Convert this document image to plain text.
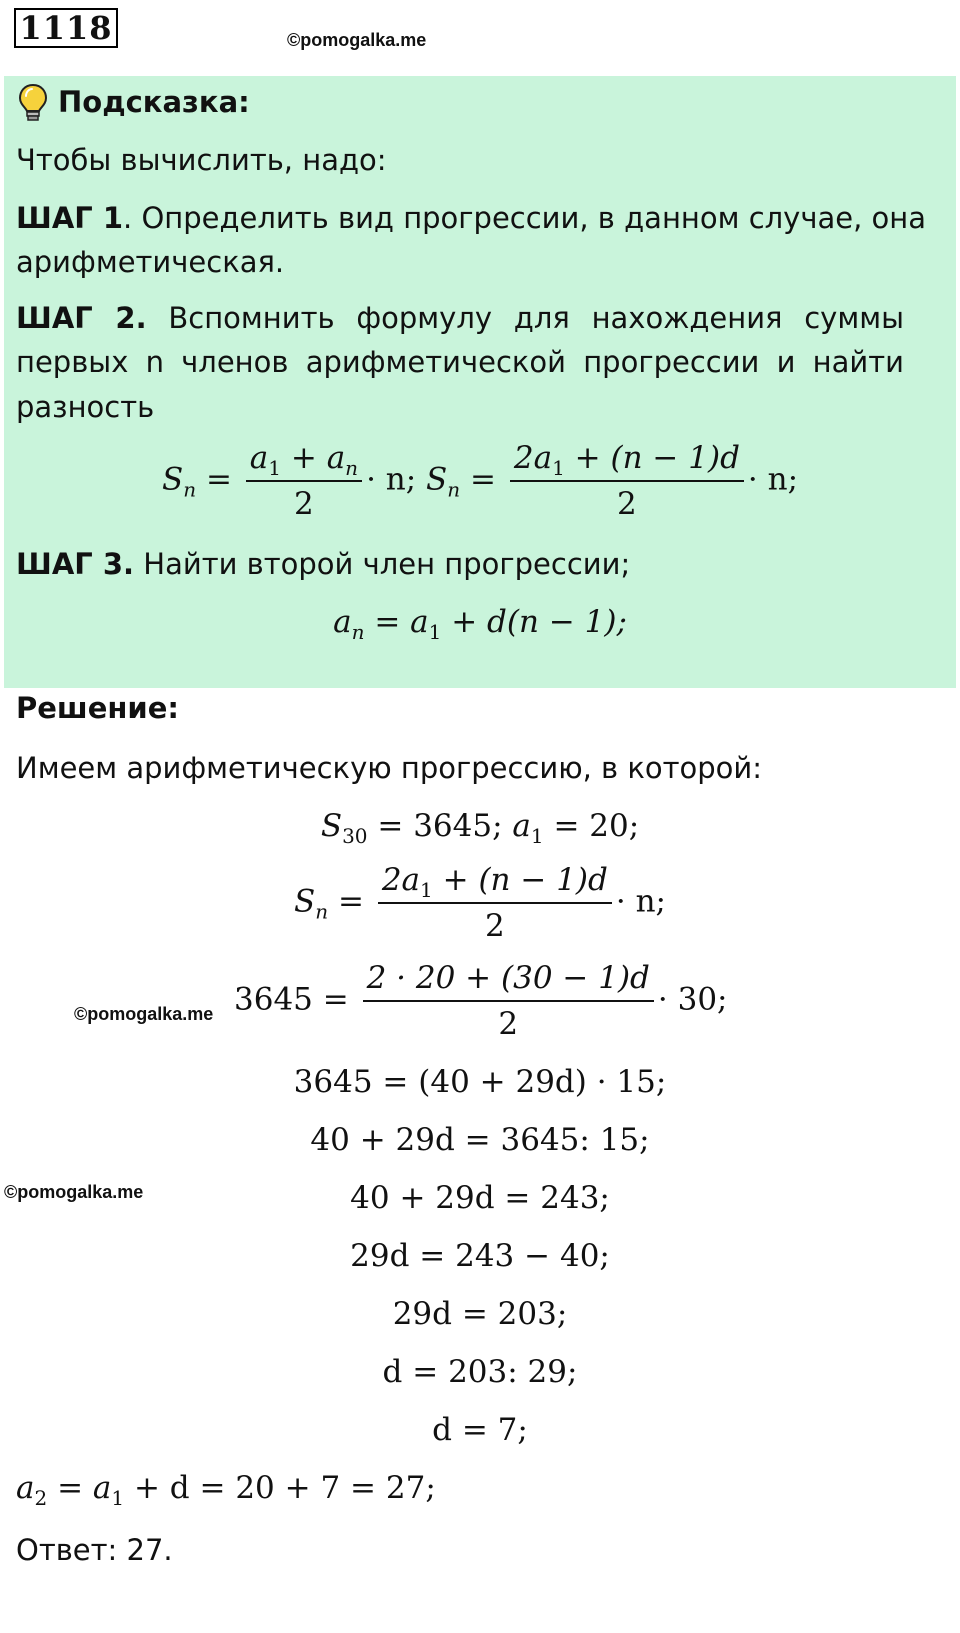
1118	©pomogalka.me
Подсказка:
Чтобы вычислить, надо:
ШАГ 1. Определить вид прогрессии, в данном случае, она
арифметическая.
ШАГ 2. Вспомнить формулу для нахождения суммы
первых n членов арифметической прогрессии и найти
разность
$S_n = \frac{a_1 + a_n}{2} \cdot n$; $S_n = \frac{2a_1 + (n - 1)d}{2} \cdot n$;
ШАГ 3. Найти второй член прогрессии;
$a_n = a_1 + d(n - 1)$;
Решение:
Имеем арифметическую прогрессию, в которой:
$S_{30} = 3645$; $a_1 = 20$;
$S_n = \frac{2a_1 + (n - 1)d}{2} \cdot n$;
©pomogalka.me $3645 = \frac{2 \cdot 20 + (30 - 1)d}{2} \cdot 30$;
3645 = (40 + 29d) · 15;
40 + 29d = 3645: 15;
©pomogalka.me	40 + 29d = 243;
29d = 243 − 40;
29d = 203;
d = 203: 29;
d = 7;
$a_2 = a_1 + d = 20 + 7 = 27$;
Ответ: 27.
